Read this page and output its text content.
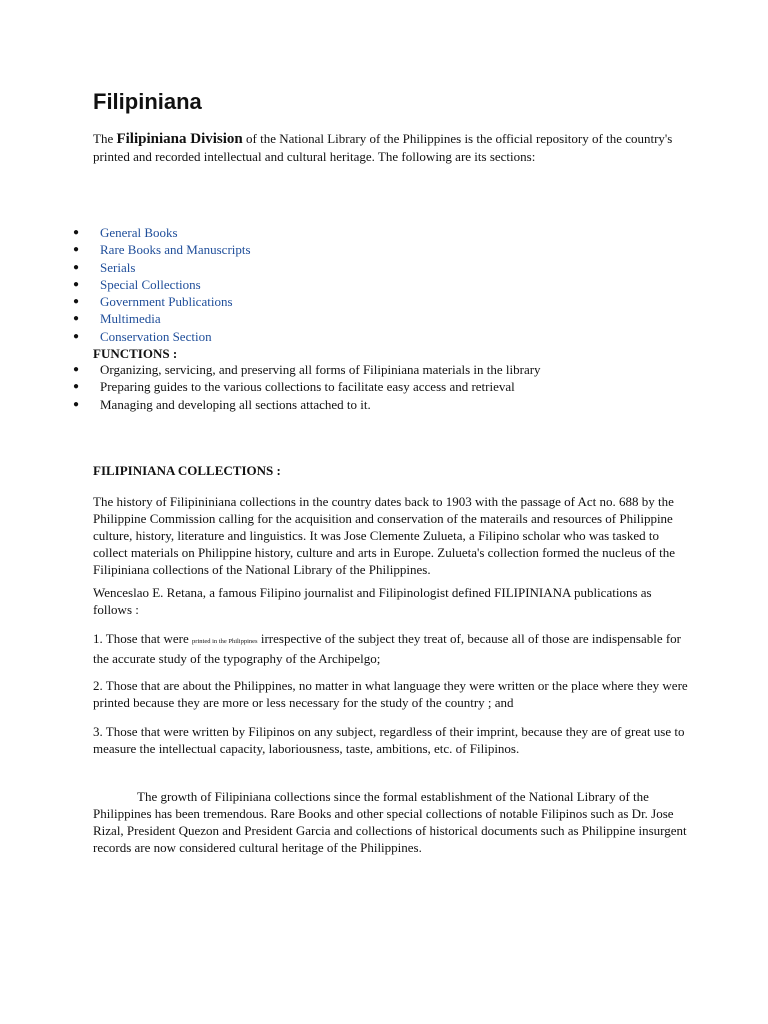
Filipiniana

The Filipiniana Division of the National Library of the Philippines is the official repository of the country's printed and recorded intellectual and cultural heritage. The following are its sections:

● General Books
● Rare Books and Manuscripts
● Serials
● Special Collections
● Government Publications
● Multimedia
● Conservation Section

FUNCTIONS :

● Organizing, servicing, and preserving all forms of Filipiniana materials in the library
● Preparing guides to the various collections to facilitate easy access and retrieval
● Managing and developing all sections attached to it.

FILIPINIANA COLLECTIONS :

The history of Filipininiana collections in the country dates back to 1903 with the passage of Act no. 688 by the Philippine Commission calling for the acquisition and conservation of the materails and resources of Philippine culture, history, literature and linguistics. It was Jose Clemente Zulueta, a Filipino scholar who was tasked to collect materials on Philippine history, culture and arts in Europe. Zulueta's collection formed the nucleus of the Filipiniana collections of the National Library of the Philippines.

Wenceslao E. Retana, a famous Filipino journalist and Filipinologist defined FILIPINIANA publications as follows :

1. Those that were printed in the Philippines irrespective of the subject they treat of, because all of those are indispensable for the accurate study of the typography of the Archipelgo;

2. Those that are about the Philippines, no matter in what language they were written or the place where they were printed because they are more or less necessary for the study of the country ; and

3. Those that were written by Filipinos on any subject, regardless of their imprint, because they are of great use to measure the intellectual capacity, laboriousness, taste, ambitions, etc. of Filipinos.

The growth of Filipiniana collections since the formal establishment of the National Library of the Philippines has been tremendous. Rare Books and other special collections of notable Filipinos such as Dr. Jose Rizal, President Quezon and President Garcia and collections of historical documents such as Philippine insurgent records are now considered cultural heritage of the Philippines.
